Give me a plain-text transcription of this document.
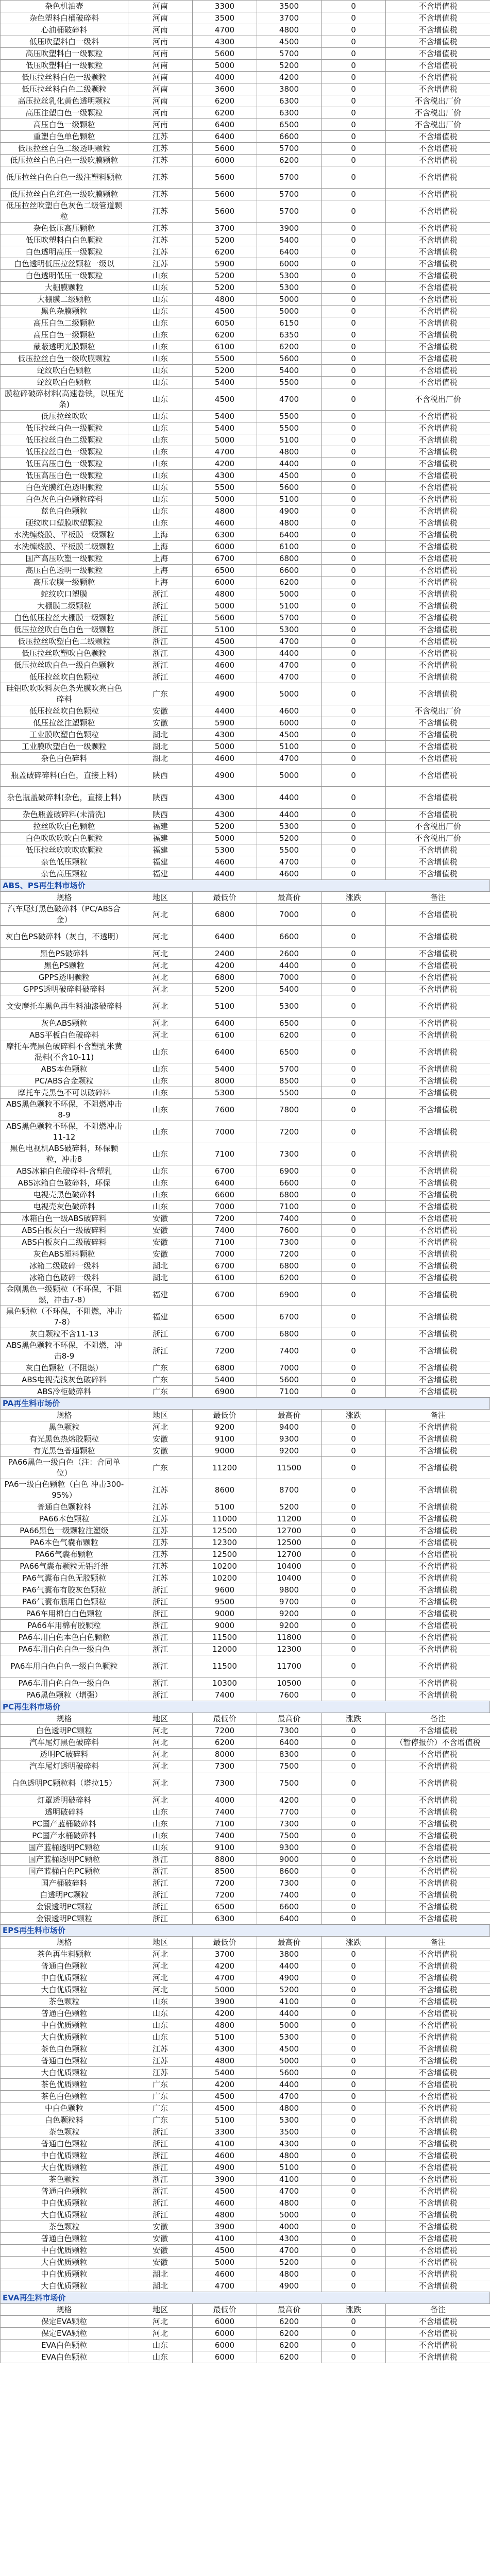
杂色机油壶	河南	3300	3500	0	不含增值税
杂色塑料白桶破碎料	河南	3500	3700	0	不含增值税
心油桶破碎料	河南	4700	4800	0	不含增值税
低压吹塑料白一级料	河南	4300	4500	0	不含增值税
高压吹塑料白一级颗粒	河南	5600	5700	0	不含增值税
低压吹塑料白一级颗粒	河南	5000	5200	0	不含增值税
低压拉丝料白色一级颗粒	河南	4000	4200	0	不含增值税
低压拉丝料白色二级颗粒	河南	3600	3800	0	不含增值税
高压拉丝乳化黄色透明颗粒	河南	6200	6300	0	不含税出厂价
高压注塑白色一级颗粒	河南	6200	6300	0	不含税出厂价
高压白色一级颗粒	河南	6400	6500	0	不含税出厂价
重塑白色单色颗粒	江苏	6400	6600	0	不含增值税
低压拉丝白色二级透明颗粒	江苏	5600	5700	0	不含增值税
低压拉丝白色白色一级吹膜颗粒	江苏	6000	6200	0	不含增值税
低压拉丝白色白色一级注塑料颗粒	江苏	5600	5700	0	不含增值税
低压拉丝白色红色一级吹膜颗粒	江苏	5600	5700	0	不含增值税
低压拉丝吹塑白色灰色二级管道颗粒	江苏	5600	5700	0	不含增值税
杂色低压高压颗粒	江苏	3700	3900	0	不含增值税
低压吹塑料白白色颗粒	江苏	5200	5400	0	不含增值税
白色透明高压一级颗粒	江苏	6200	6400	0	不含增值税
白色透明低压拉丝颗粒一级以	江苏	5900	6000	0	不含增值税
白色透明低压一级颗粒	山东	5200	5300	0	不含增值税
大棚膜颗粒	山东	5200	5300	0	不含增值税
大棚膜二级颗粒	山东	4800	5000	0	不含增值税
黑色杂膜颗粒	山东	4500	5000	0	不含增值税
高压白色二级颗粒	山东	6050	6150	0	不含增值税
高压白色一级颗粒	山东	6200	6350	0	不含增值税
蒙蔽透明光膜颗粒	山东	6100	6200	0	不含增值税
低压拉丝白色一级吹膜颗粒	山东	5500	5600	0	不含增值税
蛇纹吹白色颗粒	山东	5200	5400	0	不含增值税
蛇纹吹白色颗粒	山东	5400	5500	0	不含增值税
膜粒碎破碎材料(高速卷铁，以压光条)	山东	4500	4700	0	不含税出厂价
低压拉丝吹吹	山东	5400	5500	0	不含增值税
低压拉丝白色一级颗粒	山东	5400	5500	0	不含增值税
低压拉丝白色二级颗粒	山东	5000	5100	0	不含增值税
低压拉丝白色一级颗粒	山东	4700	4800	0	不含增值税
低压高压白色一级颗粒	山东	4200	4400	0	不含增值税
低压高压白色一级颗粒	山东	4300	4500	0	不含增值税
白色光膜红色透明颗粒	山东	5500	5600	0	不含增值税
白色灰色白色颗粒碎料	山东	5000	5100	0	不含增值税
蓝色白色颗粒	山东	4800	4900	0	不含增值税
硬纹吹口塑膜吹塑颗粒	山东	4600	4800	0	不含增值税
水洗缠绕膜、平板膜一级颗粒	上海	6300	6400	0	不含增值税
水洗缠绕膜、平板膜二级颗粒	上海	6000	6100	0	不含增值税
国产高压吹塑一级颗粒	上海	6700	6800	0	不含增值税
高压白色透明一级颗粒	上海	6500	6600	0	不含增值税
高压农膜一级颗粒	上海	6000	6200	0	不含增值税
蛇纹吹口塑膜	浙江	4800	5000	0	不含增值税
大棚膜二级颗粒	浙江	5000	5100	0	不含增值税
白色低压拉丝大棚膜一级颗粒	浙江	5600	5700	0	不含增值税
低压拉丝吹白色白色一级颗粒	浙江	5100	5300	0	不含增值税
低压拉丝吹塑白色二级颗粒	浙江	4500	4700	0	不含增值税
低压拉丝吹塑吹白色颗粒	浙江	4300	4400	0	不含增值税
低压拉丝吹白色一级白色颗粒	浙江	4600	4700	0	不含增值税
低压拉丝吹白色颗粒	浙江	4600	4700	0	不含增值税
硅铝吹吹吹料灰色条光膜吹亮白色碎料	广东	4900	5000	0	不含增值税
低压拉丝吹白色颗粒	安徽	4400	4600	0	不含税出厂价
低压拉丝注塑颗粒	安徽	5900	6000	0	不含增值税
工业膜吹塑白色颗粒	湖北	4300	4500	0	不含增值税
工业膜吹塑白色一级颗粒	湖北	5000	5100	0	不含增值税
杂色白色碎料	湖北	4600	4700	0	不含增值税
瓶盖破碎碎料(白色，直接上料)	陕西	4900	5000	0	不含增值税
杂色瓶盖破碎料(杂色，直接上料)	陕西	4300	4400	0	不含增值税
杂色瓶盖破碎料(未清洗)	陕西	4300	4400	0	不含增值税
拉丝吹吹白色颗粒	福建	5200	5300	0	不含税出厂价
白色吹吹吹吹白色颗粒	福建	5000	5200	0	不含税出厂价
低压拉丝吹吹吹吹颗粒	福建	5300	5500	0	不含增值税
杂色低压颗粒	福建	4600	4700	0	不含增值税
杂色高压颗粒	福建	4400	4600	0	不含增值税
ABS、PS再生料市场价
规格	地区	最低价	最高价	涨跌	备注
汽车尾灯黑色破碎料（PC/ABS合金）	河北	6800	7000	0	不含增值税
灰白色PS破碎料（灰白，不透明）	河北	6400	6600	0	不含增值税
黑色PS破碎料	河北	2400	2600	0	不含增值税
黑色PS颗粒	河北	4200	4400	0	不含增值税
GPPS透明颗粒	河北	6800	7000	0	不含增值税
GPPS透明破碎料破碎料	河北	5200	5400	0	不含增值税
文安摩托车黑色再生料油漆破碎料	河北	5100	5300	0	不含增值税
灰色ABS颗粒	河北	6400	6500	0	不含增值税
ABS平板白色破碎料	河北	6100	6200	0	不含增值税
摩托车壳黑色破碎料不含塑乳米黄混料(不含10-11)	山东	6400	6500	0	不含增值税
ABS本色颗粒	山东	5400	5700	0	不含增值税
PC/ABS合金颗粒	山东	8000	8500	0	不含增值税
摩托车壳黑色不可以破碎料	山东	5300	5500	0	不含增值税
ABS黑色颗粒不环保，不阻燃冲击8-9	山东	7600	7800	0	不含增值税
ABS黑色颗粒不环保，不阻燃冲击11-12	山东	7000	7200	0	不含增值税
黑色电视机ABS破碎料，环保颗粒，冲击8	山东	7100	7300	0	不含增值税
ABS冰箱白色破碎料-含塑乳	山东	6700	6900	0	不含增值税
ABS冰箱白色破碎料，环保	山东	6400	6600	0	不含增值税
电视壳黑色破碎料	山东	6600	6800	0	不含增值税
电视壳灰色破碎料	山东	7000	7100	0	不含增值税
冰箱白色一级ABS破碎料	安徽	7200	7400	0	不含增值税
ABS白板灰白一级破碎料	安徽	7400	7600	0	不含增值税
ABS白板灰白二级破碎料	安徽	7100	7300	0	不含增值税
灰色ABS塑料颗粒	安徽	7000	7200	0	不含增值税
冰箱二级破碎一级料	湖北	6700	6800	0	不含增值税
冰箱白色破碎一级料	湖北	6100	6200	0	不含增值税
金刚黑色一级颗粒（不环保，不阻燃，冲击7-8）	福建	6700	6900	0	不含增值税
黑色颗粒（不环保，不阻燃，冲击7-8）	福建	6500	6700	0	不含增值税
灰白颗粒不含11-13	浙江	6700	6800	0	不含增值税
ABS黑色颗粒不环保，不阻燃，冲击8-9	浙江	7200	7400	0	不含增值税
灰白色颗粒（不阻燃）	广东	6800	7000	0	不含增值税
ABS电视壳浅灰色破碎料	广东	5400	5600	0	不含增值税
ABS冷柜破碎料	广东	6900	7100	0	不含增值税
PA再生料市场价
规格	地区	最低价	最高价	涨跌	备注
黑色颗粒	河北	9200	9400	0	不含增值税
有光黑色热熔胶颗粒	安徽	9100	9300	0	不含增值税
有光黑色普通颗粒	安徽	9000	9200	0	不含增值税
PA66黑色一级白色（注：合同单位）	广东	11200	11500	0	不含增值税
PA6一级白色颗粒（白色 冲击300-95%）	江苏	8600	8700	0	不含增值税
普通白色颗粒料	江苏	5100	5200	0	不含增值税
PA66本色颗粒	江苏	11000	11200	0	不含增值税
PA66黑色一级颗粒注塑级	江苏	12500	12700	0	不含增值税
PA6本色气囊布颗粒	江苏	12300	12500	0	不含增值税
PA66气囊布颗粒	江苏	12500	12700	0	不含增值税
PA66气囊布颗粒无铝纤维	江苏	10200	10400	0	不含增值税
PA6气囊布白色无胶颗粒	江苏	10200	10400	0	不含增值税
PA6气囊布有胶灰色颗粒	浙江	9600	9800	0	不含增值税
PA6气囊布瓶用白色颗粒	浙江	9500	9700	0	不含增值税
PA6车用棉白白色颗粒	浙江	9000	9200	0	不含增值税
PA66车用棉有胶颗粒	浙江	9000	9200	0	不含增值税
PA6车用白色本色白色颗粒	浙江	11500	11800	0	不含增值税
PA6车用白色白色一级白色	浙江	12000	12300	0	不含增值税
PA6车用白色白色一级白色颗粒	浙江	11500	11700	0	不含增值税
PA6车用白色白色一级白色	浙江	10300	10500	0	不含增值税
PA6黑色颗粒（增强）	浙江	7400	7600	0	不含增值税
PC再生料市场价
规格	地区	最低价	最高价	涨跌	备注
白色透明PC颗粒	河北	7200	7300	0	不含增值税
汽车尾灯黑色破碎料	河北	6200	6400	0	（暂停报价）不含增值税
透明PC破碎料	河北	8000	8300	0	不含增值税
汽车尾灯透明破碎料	河北	7300	7500	0	不含增值税
白色透明PC颗粒料（塔拉15）	河北	7300	7500	0	不含增值税
灯罩透明破碎料	河北	4000	4200	0	不含增值税
透明破碎料	山东	7400	7700	0	不含增值税
PC国产蓝桶破碎料	山东	7100	7300	0	不含增值税
PC国产水桶破碎料	山东	7400	7500	0	不含增值税
国产蓝桶透明PC颗粒	山东	9100	9300	0	不含增值税
国产蓝桶透明PC颗粒	浙江	8800	9000	0	不含增值税
国产蓝桶白色PC颗粒	浙江	8500	8600	0	不含增值税
国产桶破碎料	浙江	7200	7300	0	不含增值税
白透明PC颗粒	浙江	7200	7400	0	不含增值税
金银透明PC颗粒	浙江	6500	6600	0	不含增值税
金银透明PC颗粒	浙江	6300	6400	0	不含增值税
EPS再生料市场价
规格	地区	最低价	最高价	涨跌	备注
茶色再生料颗粒	河北	3700	3800	0	不含增值税
普通白色颗粒	河北	4200	4400	0	不含增值税
中白优质颗粒	河北	4700	4900	0	不含增值税
大白优质颗粒	河北	5000	5200	0	不含增值税
茶色颗粒	山东	3900	4100	0	不含增值税
普通白色颗粒	山东	4200	4400	0	不含增值税
中白优质颗粒	山东	4800	5000	0	不含增值税
大白优质颗粒	山东	5100	5300	0	不含增值税
茶色白色颗粒	江苏	4300	4500	0	不含增值税
普通白色颗粒	江苏	4800	5000	0	不含增值税
大白优质颗粒	江苏	5400	5600	0	不含增值税
茶色优质颗粒	广东	4200	4400	0	不含增值税
茶色白色颗粒	广东	4500	4700	0	不含增值税
中白色颗粒	广东	4500	4800	0	不含增值税
白色颗粒料	广东	5100	5300	0	不含增值税
茶色颗粒	浙江	3300	3500	0	不含增值税
普通白色颗粒	浙江	4100	4300	0	不含增值税
中白优质颗粒	浙江	4600	4800	0	不含增值税
大白优质颗粒	浙江	4900	5100	0	不含增值税
茶色颗粒	浙江	3900	4100	0	不含增值税
普通白色颗粒	浙江	4500	4700	0	不含增值税
中白优质颗粒	浙江	4600	4800	0	不含增值税
大白优质颗粒	浙江	4800	5000	0	不含增值税
茶色颗粒	安徽	3900	4000	0	不含增值税
普通白色颗粒	安徽	4100	4300	0	不含增值税
中白优质颗粒	安徽	4500	4700	0	不含增值税
大白优质颗粒	安徽	5000	5200	0	不含增值税
中白优质颗粒	湖北	4600	4800	0	不含增值税
大白优质颗粒	湖北	4700	4900	0	不含增值税
EVA再生料市场价
规格	地区	最低价	最高价	涨跌	备注
保定EVA颗粒	河北	6000	6200	0	不含增值税
保定EVA颗粒	河北	6000	6200	0	不含增值税
EVA白色颗粒	山东	6000	6200	0	不含增值税
EVA白色颗粒	山东	6000	6200	0	不含增值税
